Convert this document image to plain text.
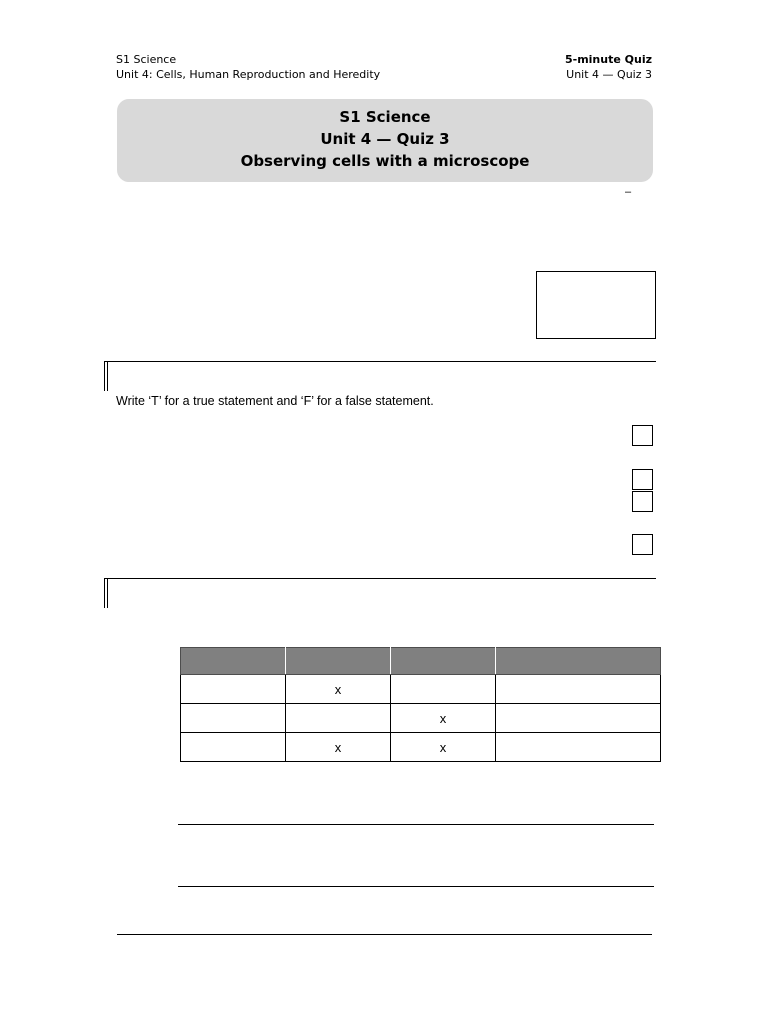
S1 Science
Unit 4: Cells, Human Reproduction and Heredity
5-minute Quiz
Unit 4 — Quiz 3
S1 Science
Unit 4 — Quiz 3
Observing cells with a microscope
–
Write ‘T’ for a true statement and ‘F’ for a false statement.

	x		
		x	
	x	x	
